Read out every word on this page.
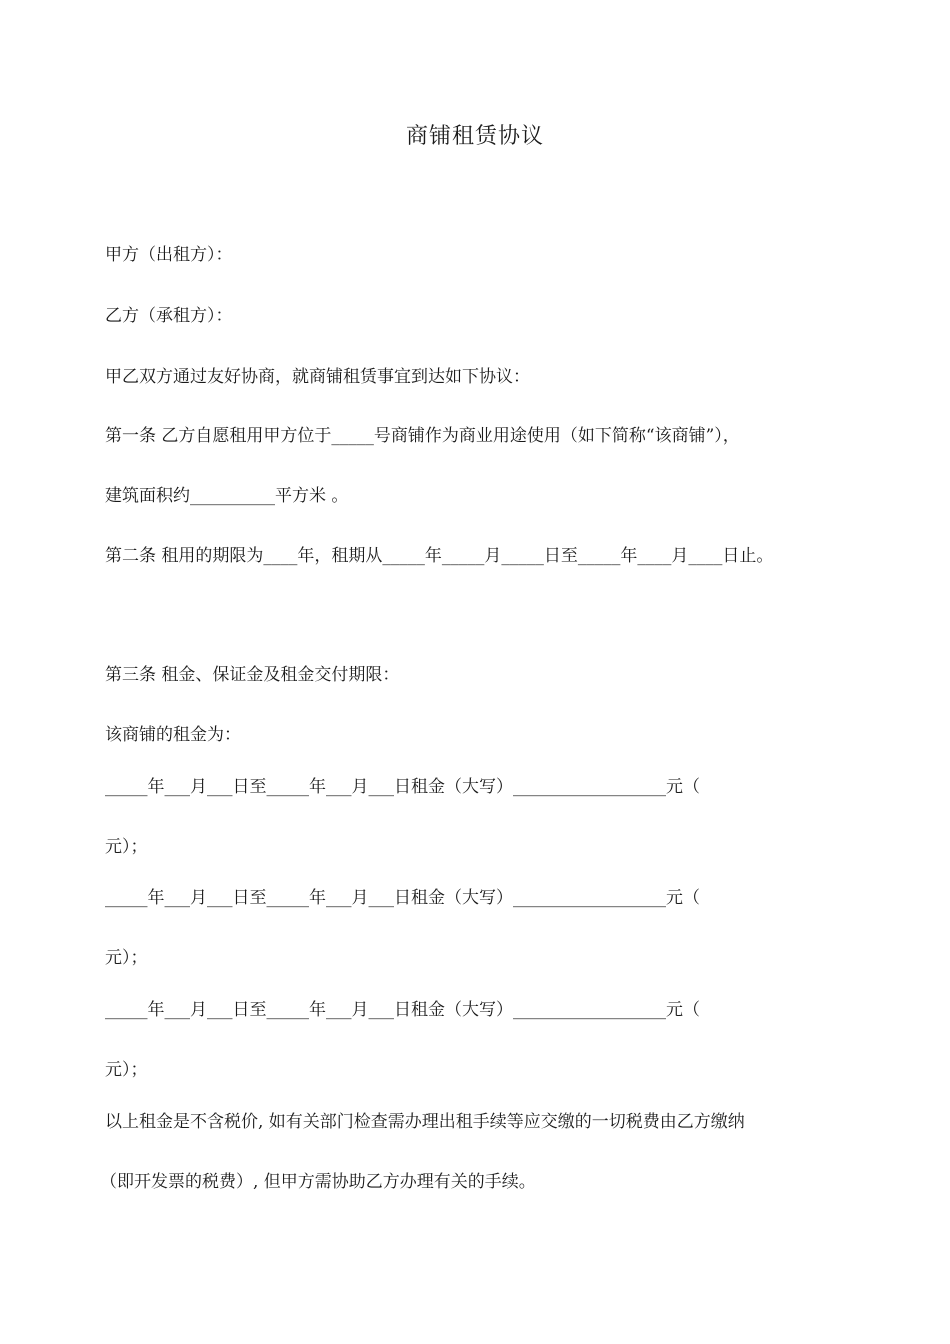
商铺租赁协议
甲方（出租方）：
乙方（承租方）：
甲乙双方通过友好协商，就商铺租赁事宜到达如下协议：
第一条 乙方自愿租用甲方位于_____号商铺作为商业用途使用（如下简称“该商铺”），
建筑面积约__________平方米 。
第二条 租用的期限为____年，租期从_____年_____月_____日至_____年____月____日止。
第三条 租金、保证金及租金交付期限：
该商铺的租金为：
_____年___月___日至_____年___月___日租金（大写）__________________元（
元）；
_____年___月___日至_____年___月___日租金（大写）__________________元（
元）；
_____年___月___日至_____年___月___日租金（大写）__________________元（
元）；
以上租金是不含税价, 如有关部门检查需办理出租手续等应交缴的一切税费由乙方缴纳
（即开发票的税费）, 但甲方需协助乙方办理有关的手续。
